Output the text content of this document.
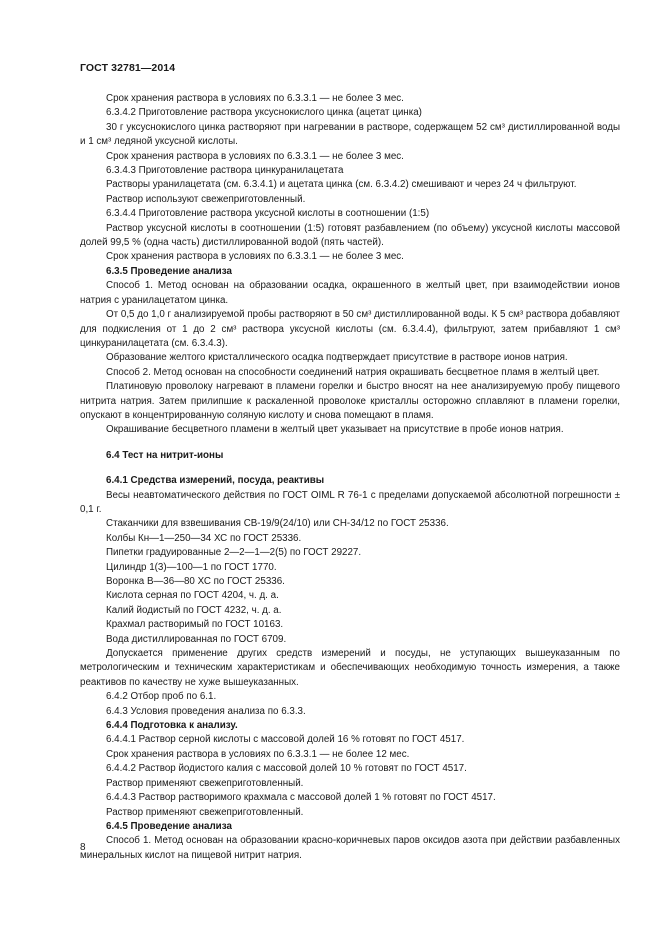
ГОСТ 32781—2014

Срок хранения раствора в условиях по 6.3.3.1 — не более 3 мес.

6.3.4.2 Приготовление раствора уксуснокислого цинка (ацетат цинка)

30 г уксуснокислого цинка растворяют при нагревании в растворе, содержащем 52 см³ дистиллированной воды и 1 см³ ледяной уксусной кислоты.

Срок хранения раствора в условиях по 6.3.3.1 — не более 3 мес.

6.3.4.3 Приготовление раствора цинкуранилацетата

Растворы уранилацетата (см. 6.3.4.1) и ацетата цинка (см. 6.3.4.2) смешивают и через 24 ч фильтруют.

Раствор используют свежеприготовленный.

6.3.4.4 Приготовление раствора уксусной кислоты в соотношении (1:5)

Раствор уксусной кислоты в соотношении (1:5) готовят разбавлением (по объему) уксусной кислоты массовой долей 99,5 % (одна часть) дистиллированной водой (пять частей).

Срок хранения раствора в условиях по 6.3.3.1 — не более 3 мес.

6.3.5 Проведение анализа

Способ 1. Метод основан на образовании осадка, окрашенного в желтый цвет, при взаимодействии ионов натрия с уранилацетатом цинка.

От 0,5 до 1,0 г анализируемой пробы растворяют в 50 см³ дистиллированной воды. К 5 см³ раствора добавляют для подкисления от 1 до 2 см³ раствора уксусной кислоты (см. 6.3.4.4), фильтруют, затем прибавляют 1 см³ цинкуранилацетата (см. 6.3.4.3).

Образование желтого кристаллического осадка подтверждает присутствие в растворе ионов натрия.

Способ 2. Метод основан на способности соединений натрия окрашивать бесцветное пламя в желтый цвет.

Платиновую проволоку нагревают в пламени горелки и быстро вносят на нее анализируемую пробу пищевого нитрита натрия. Затем прилипшие к раскаленной проволоке кристаллы осторожно сплавляют в пламени горелки, опускают в концентрированную соляную кислоту и снова помещают в пламя.

Окрашивание бесцветного пламени в желтый цвет указывает на присутствие в пробе ионов натрия.

6.4 Тест на нитрит-ионы

6.4.1 Средства измерений, посуда, реактивы

Весы неавтоматического действия по ГОСТ OIML R 76-1 с пределами допускаемой абсолютной погрешности ± 0,1 г.

Стаканчики для взвешивания СВ-19/9(24/10) или СН-34/12 по ГОСТ 25336.

Колбы Кн—1—250—34 ХС по ГОСТ 25336.

Пипетки градуированные 2—2—1—2(5) по ГОСТ 29227.

Цилиндр 1(3)—100—1 по ГОСТ 1770.

Воронка В—36—80 ХС по ГОСТ 25336.

Кислота серная по ГОСТ 4204, ч. д. а.

Калий йодистый по ГОСТ 4232, ч. д. а.

Крахмал растворимый по ГОСТ 10163.

Вода дистиллированная по ГОСТ 6709.

Допускается применение других средств измерений и посуды, не уступающих вышеуказанным по метрологическим и техническим характеристикам и обеспечивающих необходимую точность измерения, а также реактивов по качеству не хуже вышеуказанных.

6.4.2 Отбор проб по 6.1.

6.4.3 Условия проведения анализа по 6.3.3.

6.4.4 Подготовка к анализу.

6.4.4.1 Раствор серной кислоты с массовой долей 16 % готовят по ГОСТ 4517.

Срок хранения раствора в условиях по 6.3.3.1 — не более 12 мес.

6.4.4.2 Раствор йодистого калия с массовой долей 10 % готовят по ГОСТ 4517.

Раствор применяют свежеприготовленный.

6.4.4.3 Раствор растворимого крахмала с массовой долей 1 % готовят по ГОСТ 4517.

Раствор применяют свежеприготовленный.

6.4.5 Проведение анализа

Способ 1. Метод основан на образовании красно-коричневых паров оксидов азота при действии разбавленных минеральных кислот на пищевой нитрит натрия.

8
